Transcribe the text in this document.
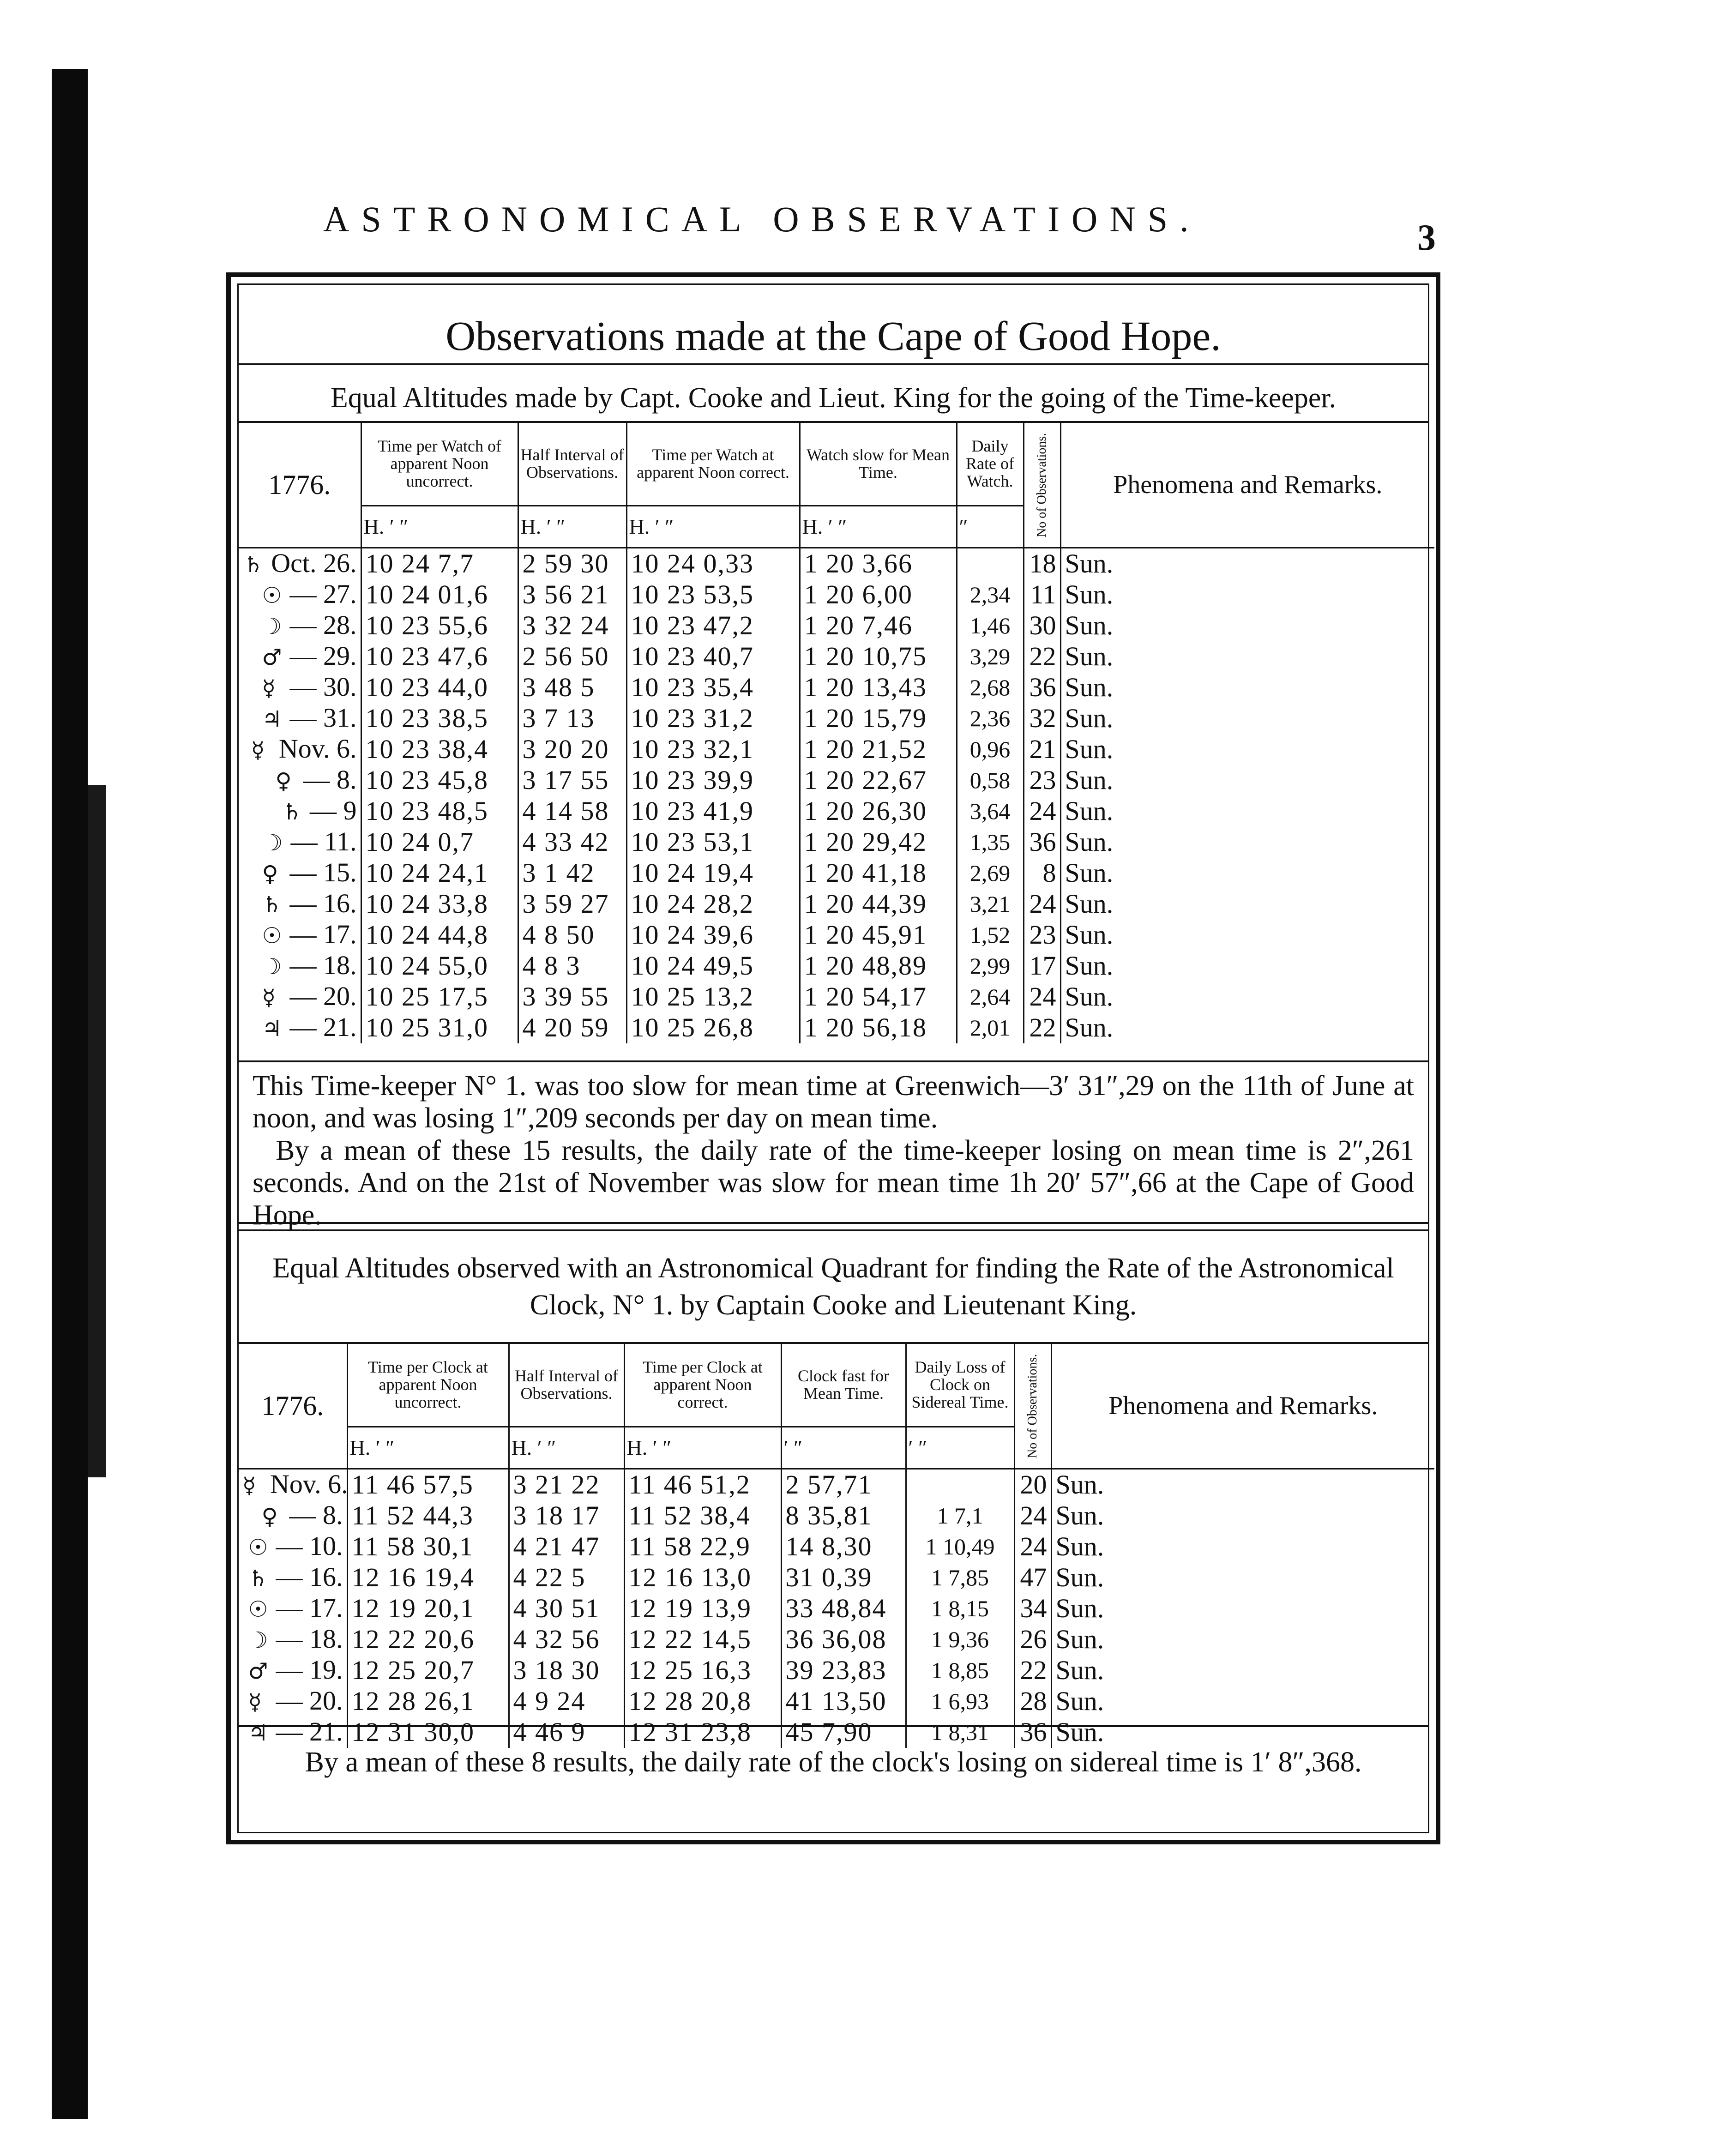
ASTRONOMICAL OBSERVATIONS.	3
Observations made at the Cape of Good Hope.
Equal Altitudes made by Capt. Cooke and Lieut. King for the going of the Time-keeper.
1776.	Time per Watch of apparent Noon uncorrect.	Half Interval of Observations.	Time per Watch at apparent Noon correct.	Watch slow for Mean Time.	Daily Rate of Watch.	No of Observations.	Phenomena and Remarks.
	H. ′ ″	H. ′ ″	H. ′ ″	H. ′ ″	″		
♄ Oct. 26.	10 24 7,7	2 59 30	10 24 0,33	1 20 3,66		18	Sun.
☉ — 27.	10 24 01,6	3 56 21	10 23 53,5	1 20 6,00	2,34	11	Sun.
☽ — 28.	10 23 55,6	3 32 24	10 23 47,2	1 20 7,46	1,46	30	Sun.
♂ — 29.	10 23 47,6	2 56 50	10 23 40,7	1 20 10,75	3,29	22	Sun.
☿ — 30.	10 23 44,0	3 48 5	10 23 35,4	1 20 13,43	2,68	36	Sun.
♃ — 31.	10 23 38,5	3 7 13	10 23 31,2	1 20 15,79	2,36	32	Sun.
☿ Nov. 6.	10 23 38,4	3 20 20	10 23 32,1	1 20 21,52	0,96	21	Sun.
♀ — 8.	10 23 45,8	3 17 55	10 23 39,9	1 20 22,67	0,58	23	Sun.
♄ — 9	10 23 48,5	4 14 58	10 23 41,9	1 20 26,30	3,64	24	Sun.
☽ — 11.	10 24 0,7	4 33 42	10 23 53,1	1 20 29,42	1,35	36	Sun.
♀ — 15.	10 24 24,1	3 1 42	10 24 19,4	1 20 41,18	2,69	8	Sun.
♄ — 16.	10 24 33,8	3 59 27	10 24 28,2	1 20 44,39	3,21	24	Sun.
☉ — 17.	10 24 44,8	4 8 50	10 24 39,6	1 20 45,91	1,52	23	Sun.
☽ — 18.	10 24 55,0	4 8 3	10 24 49,5	1 20 48,89	2,99	17	Sun.
☿ — 20.	10 25 17,5	3 39 55	10 25 13,2	1 20 54,17	2,64	24	Sun.
♃ — 21.	10 25 31,0	4 20 59	10 25 26,8	1 20 56,18	2,01	22	Sun.

This Time-keeper N° 1. was too slow for mean time at Greenwich—3′ 31″,29 on the 11th of June at noon, and was losing 1″,209 seconds per day on mean time.

By a mean of these 15 results, the daily rate of the time-keeper losing on mean time is 2″,261 seconds. And on the 21st of November was slow for mean time 1h 20′ 57″,66 at the Cape of Good Hope.

Equal Altitudes observed with an Astronomical Quadrant for finding the Rate of the Astronomical Clock, N° 1. by Captain Cooke and Lieutenant King.
1776.	Time per Clock at apparent Noon uncorrect.	Half Interval of Observations.	Time per Clock at apparent Noon correct.	Clock fast for Mean Time.	Daily Loss of Clock on Sidereal Time.	No of Observations.	Phenomena and Remarks.
	H. ′ ″	H. ′ ″	H. ′ ″	′ ″	′ ″		
☿ Nov. 6.	11 46 57,5	3 21 22	11 46 51,2	2 57,71		20	Sun.
♀ — 8.	11 52 44,3	3 18 17	11 52 38,4	8 35,81	1 7,1	24	Sun.
☉ — 10.	11 58 30,1	4 21 47	11 58 22,9	14 8,30	1 10,49	24	Sun.
♄ — 16.	12 16 19,4	4 22 5	12 16 13,0	31 0,39	1 7,85	47	Sun.
☉ — 17.	12 19 20,1	4 30 51	12 19 13,9	33 48,84	1 8,15	34	Sun.
☽ — 18.	12 22 20,6	4 32 56	12 22 14,5	36 36,08	1 9,36	26	Sun.
♂ — 19.	12 25 20,7	3 18 30	12 25 16,3	39 23,83	1 8,85	22	Sun.
☿ — 20.	12 28 26,1	4 9 24	12 28 20,8	41 13,50	1 6,93	28	Sun.
♃ — 21.	12 31 30,0	4 46 9	12 31 23,8	45 7,90	1 8,31	36	Sun.
By a mean of these 8 results, the daily rate of the clock's losing on sidereal time is 1′ 8″,368.
